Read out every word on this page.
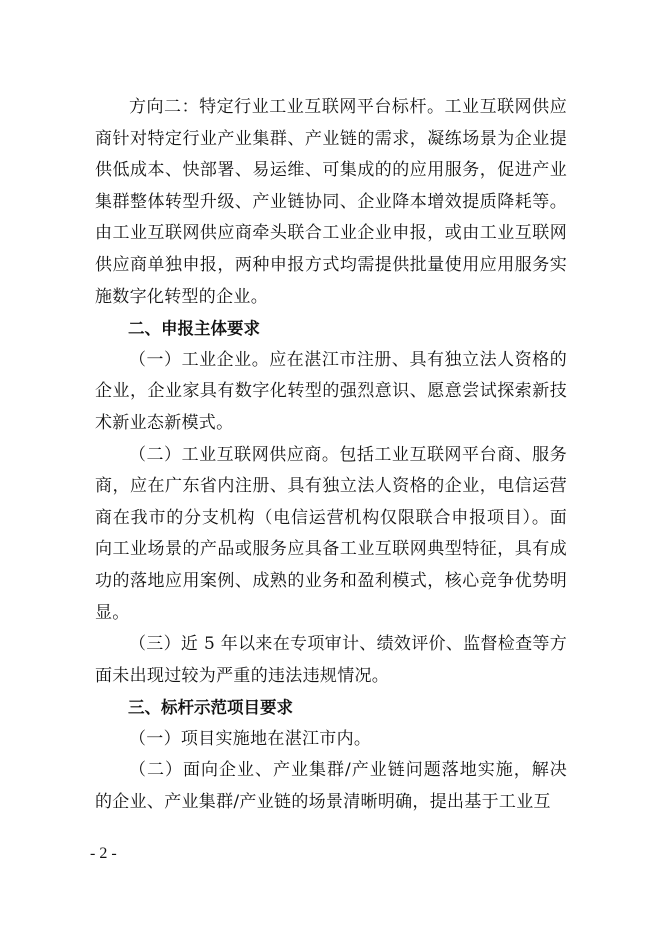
方向二：特定行业工业互联网平台标杆。工业互联网供应商针对特定行业产业集群、产业链的需求，凝练场景为企业提供低成本、快部署、易运维、可集成的的应用服务，促进产业集群整体转型升级、产业链协同、企业降本增效提质降耗等。由工业互联网供应商牵头联合工业企业申报，或由工业互联网供应商单独申报，两种申报方式均需提供批量使用应用服务实施数字化转型的企业。

二、申报主体要求

（一）工业企业。应在湛江市注册、具有独立法人资格的企业，企业家具有数字化转型的强烈意识、愿意尝试探索新技术新业态新模式。

（二）工业互联网供应商。包括工业互联网平台商、服务商，应在广东省内注册、具有独立法人资格的企业，电信运营商在我市的分支机构（电信运营机构仅限联合申报项目）。面向工业场景的产品或服务应具备工业互联网典型特征，具有成功的落地应用案例、成熟的业务和盈利模式，核心竞争优势明显。

（三）近 5 年以来在专项审计、绩效评价、监督检查等方面未出现过较为严重的违法违规情况。

三、标杆示范项目要求

（一）项目实施地在湛江市内。

（二）面向企业、产业集群/产业链问题落地实施，解决的企业、产业集群/产业链的场景清晰明确，提出基于工业互

- 2 -
